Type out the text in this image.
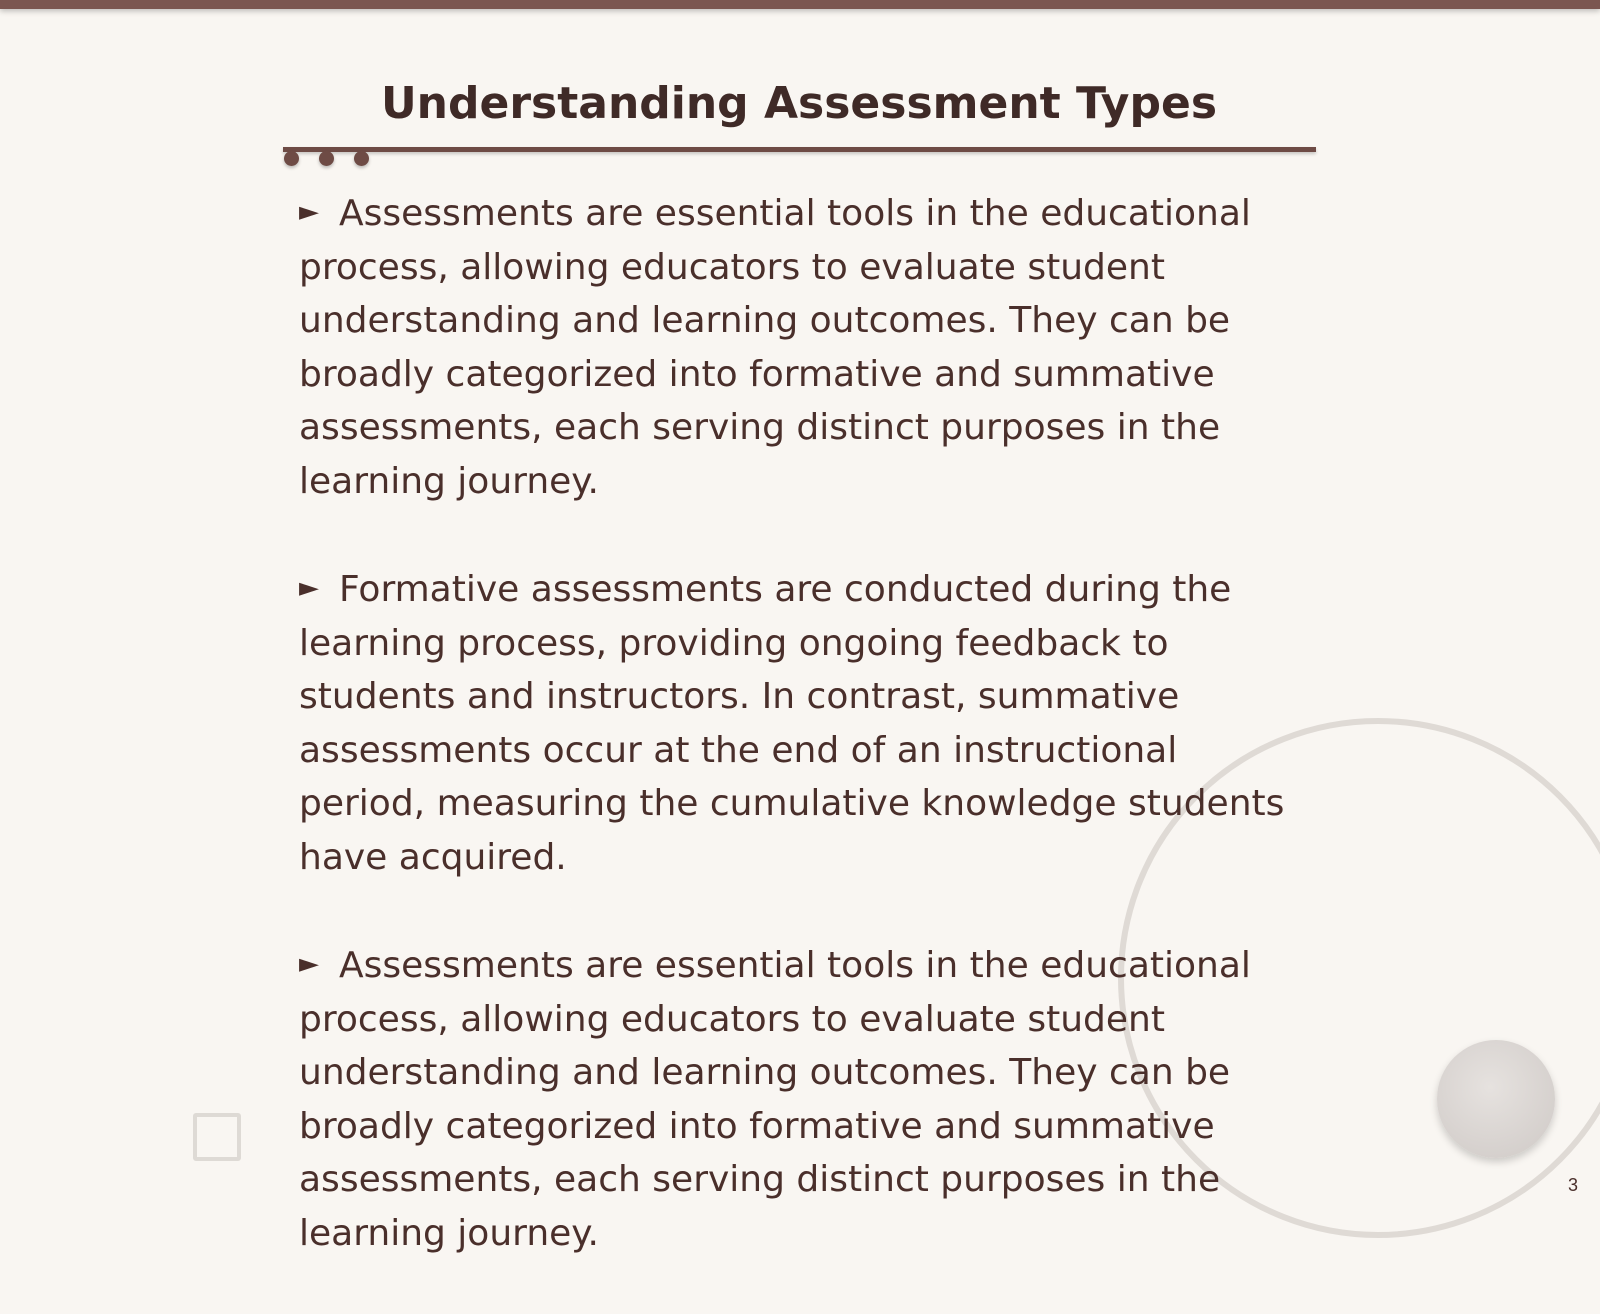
Understanding Assessment Types

► Assessments are essential tools in the educational process, allowing educators to evaluate student understanding and learning outcomes. They can be broadly categorized into formative and summative assessments, each serving distinct purposes in the learning journey.

► Formative assessments are conducted during the learning process, providing ongoing feedback to students and instructors. In contrast, summative assessments occur at the end of an instructional period, measuring the cumulative knowledge students have acquired.

► Assessments are essential tools in the educational process, allowing educators to evaluate student understanding and learning outcomes. They can be broadly categorized into formative and summative assessments, each serving distinct purposes in the learning journey.

3
